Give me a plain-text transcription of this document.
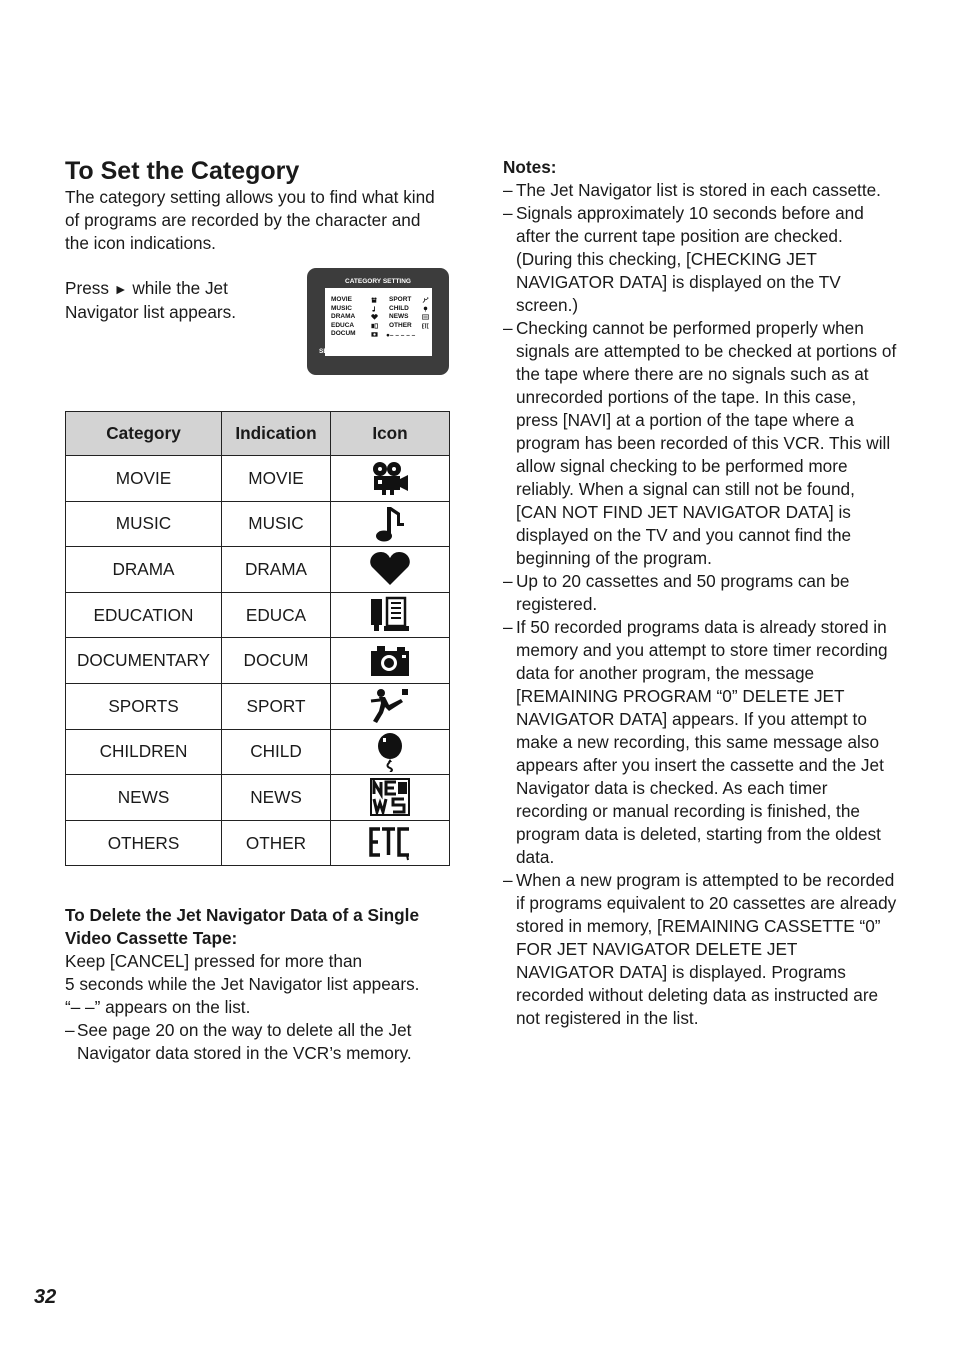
To Set the Category
The category setting allows you to find what kind of programs are recorded by the character and the icon indications.
Press ► while the Jet Navigator list appears.
CATEGORY SETTING
MOVIE
MUSIC
DRAMA
EDUCA
DOCUM
SPORT
CHILD
NEWS
OTHER
●– – – – –
SELECT:	END : MENU
Category	Indication	Icon
MOVIE	MOVIE	

MUSIC	MUSIC	

DRAMA	DRAMA	

EDUCATION	EDUCA	

DOCUMENTARY	DOCUM	

SPORTS	SPORT	

CHILDREN	CHILD	

NEWS	NEWS	

OTHERS	OTHER	
To Delete the Jet Navigator Data of a Single Video Cassette Tape:
Keep [CANCEL] pressed for more than
5 seconds while the Jet Navigator list appears.
“– –” appears on the list.
– See page 20 on the way to delete all the Jet Navigator data stored in the VCR’s memory.
Notes:
– The Jet Navigator list is stored in each cassette.
– Signals approximately 10 seconds before and after the current tape position are checked. (During this checking, [CHECKING JET NAVIGATOR DATA] is displayed on the TV screen.)
– Checking cannot be performed properly when signals are attempted to be checked at portions of the tape where there are no signals such as at unrecorded portions of the tape. In this case, press [NAVI] at a portion of the tape where a program has been recorded of this VCR. This will allow signal checking to be performed more reliably. When a signal can still not be found, [CAN NOT FIND JET NAVIGATOR DATA] is displayed on the TV and you cannot find the beginning of the program.
– Up to 20 cassettes and 50 programs can be registered.
– If 50 recorded programs data is already stored in memory and you attempt to store timer recording data for another program, the message [REMAINING PROGRAM “0” DELETE JET NAVIGATOR DATA] appears. If you attempt to make a new recording, this same message also appears after you insert the cassette and the Jet Navigator data is checked. As each timer recording or manual recording is finished, the program data is deleted, starting from the oldest data.
– When a new program is attempted to be recorded if programs equivalent to 20 cassettes are already stored in memory, [REMAINING CASSETTE “0” FOR JET NAVIGATOR DELETE JET NAVIGATOR DATA] is displayed. Programs recorded without deleting data as instructed are not registered in the list.
32
